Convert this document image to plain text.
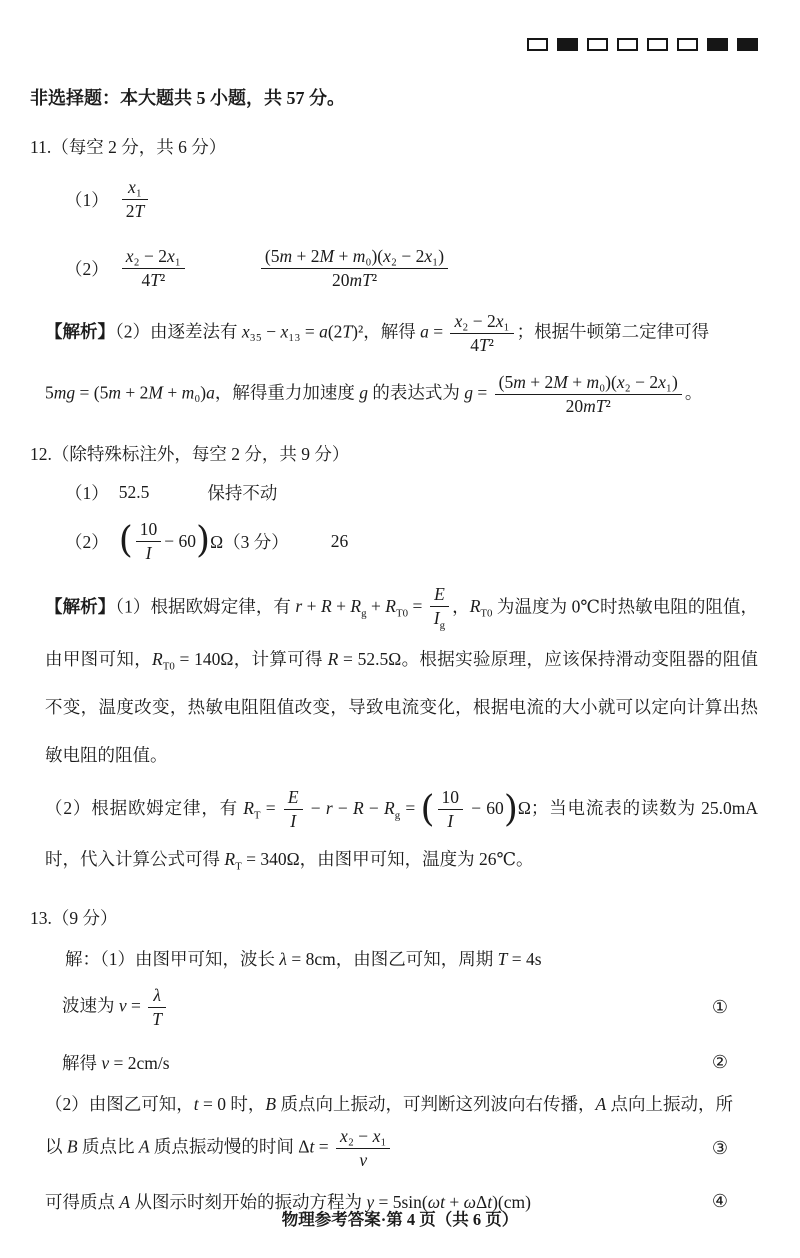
非选择题：本大题共 5 小题，共 57 分。
11.（每空 2 分，共 6 分）
$(1) \frac{\text{x₁}}{2T}$
$(2) \frac{\text{x₂ − 2x₁}}{\text{4T²}}$	$\frac{\text{(5m + 2M + m₀)(x₂ − 2x₁)}}{\text{20mT²}}$
【解析】（2）由逐差法有 x₃₅ − x₁₃ = a(2T)²，解得 $a = \frac{\text{x₂ − 2x₁}}{\text{4T²}}$ ；根据牛顿第二定律可得
5mg = (5m + 2M + m₀)a，解得重力加速度 g 的表达式为 $g = \frac{\text{(5m + 2M + m₀)(x₂ − 2x₁)}}{\text{20mT²}}$ 。
12.（除特殊标注外，每空 2 分，共 9 分）
（1） 52.5	保持不动
（2） ( $\frac{10}{I} - 60$ ) Ω（3 分） 26
【解析】（1）根据欧姆定律，有 $r + R + R_g + R_{T0} = \frac{E}{I_g}$ ，$R_{T0}$ 为温度为 0℃时热敏电阻的阻值，由甲图可知，$R_{T0} = 140\Omega$，计算可得 R = 52.5Ω。根据实验原理，应该保持滑动变阻器的阻值不变，温度改变，热敏电阻阻值改变，导致电流变化，根据电流的大小就可以定向计算出热敏电阻的阻值。
（2）根据欧姆定律，有 $R_T = \frac{E}{I} - r - R - R_g$ = ( $\frac{10}{I} - 60)\Omega$；当电流表的读数为 25.0mA 时，代入计算公式可得 $R_T = 340\Omega$，由图甲可知，温度为 26℃。
13.（9 分）
解：（1）由图甲可知，波长 λ = 8cm，由图乙可知，周期 T = 4s
波速为 $v = \frac{\lambda}{T}$	①
解得 v = 2cm/s	②
（2）由图乙可知，t = 0 时，B 质点向上振动，可判断这列波向右传播，A 点向上振动，所
以 B 质点比 A 质点振动慢的时间 $\Delta t = \frac{\text{x₂ − x₁}}{v}$	③
可得质点 A 从图示时刻开始的振动方程为 y = 5sin(ωt + ωΔt)(cm)	④
物理参考答案·第 4 页（共 6 页）
